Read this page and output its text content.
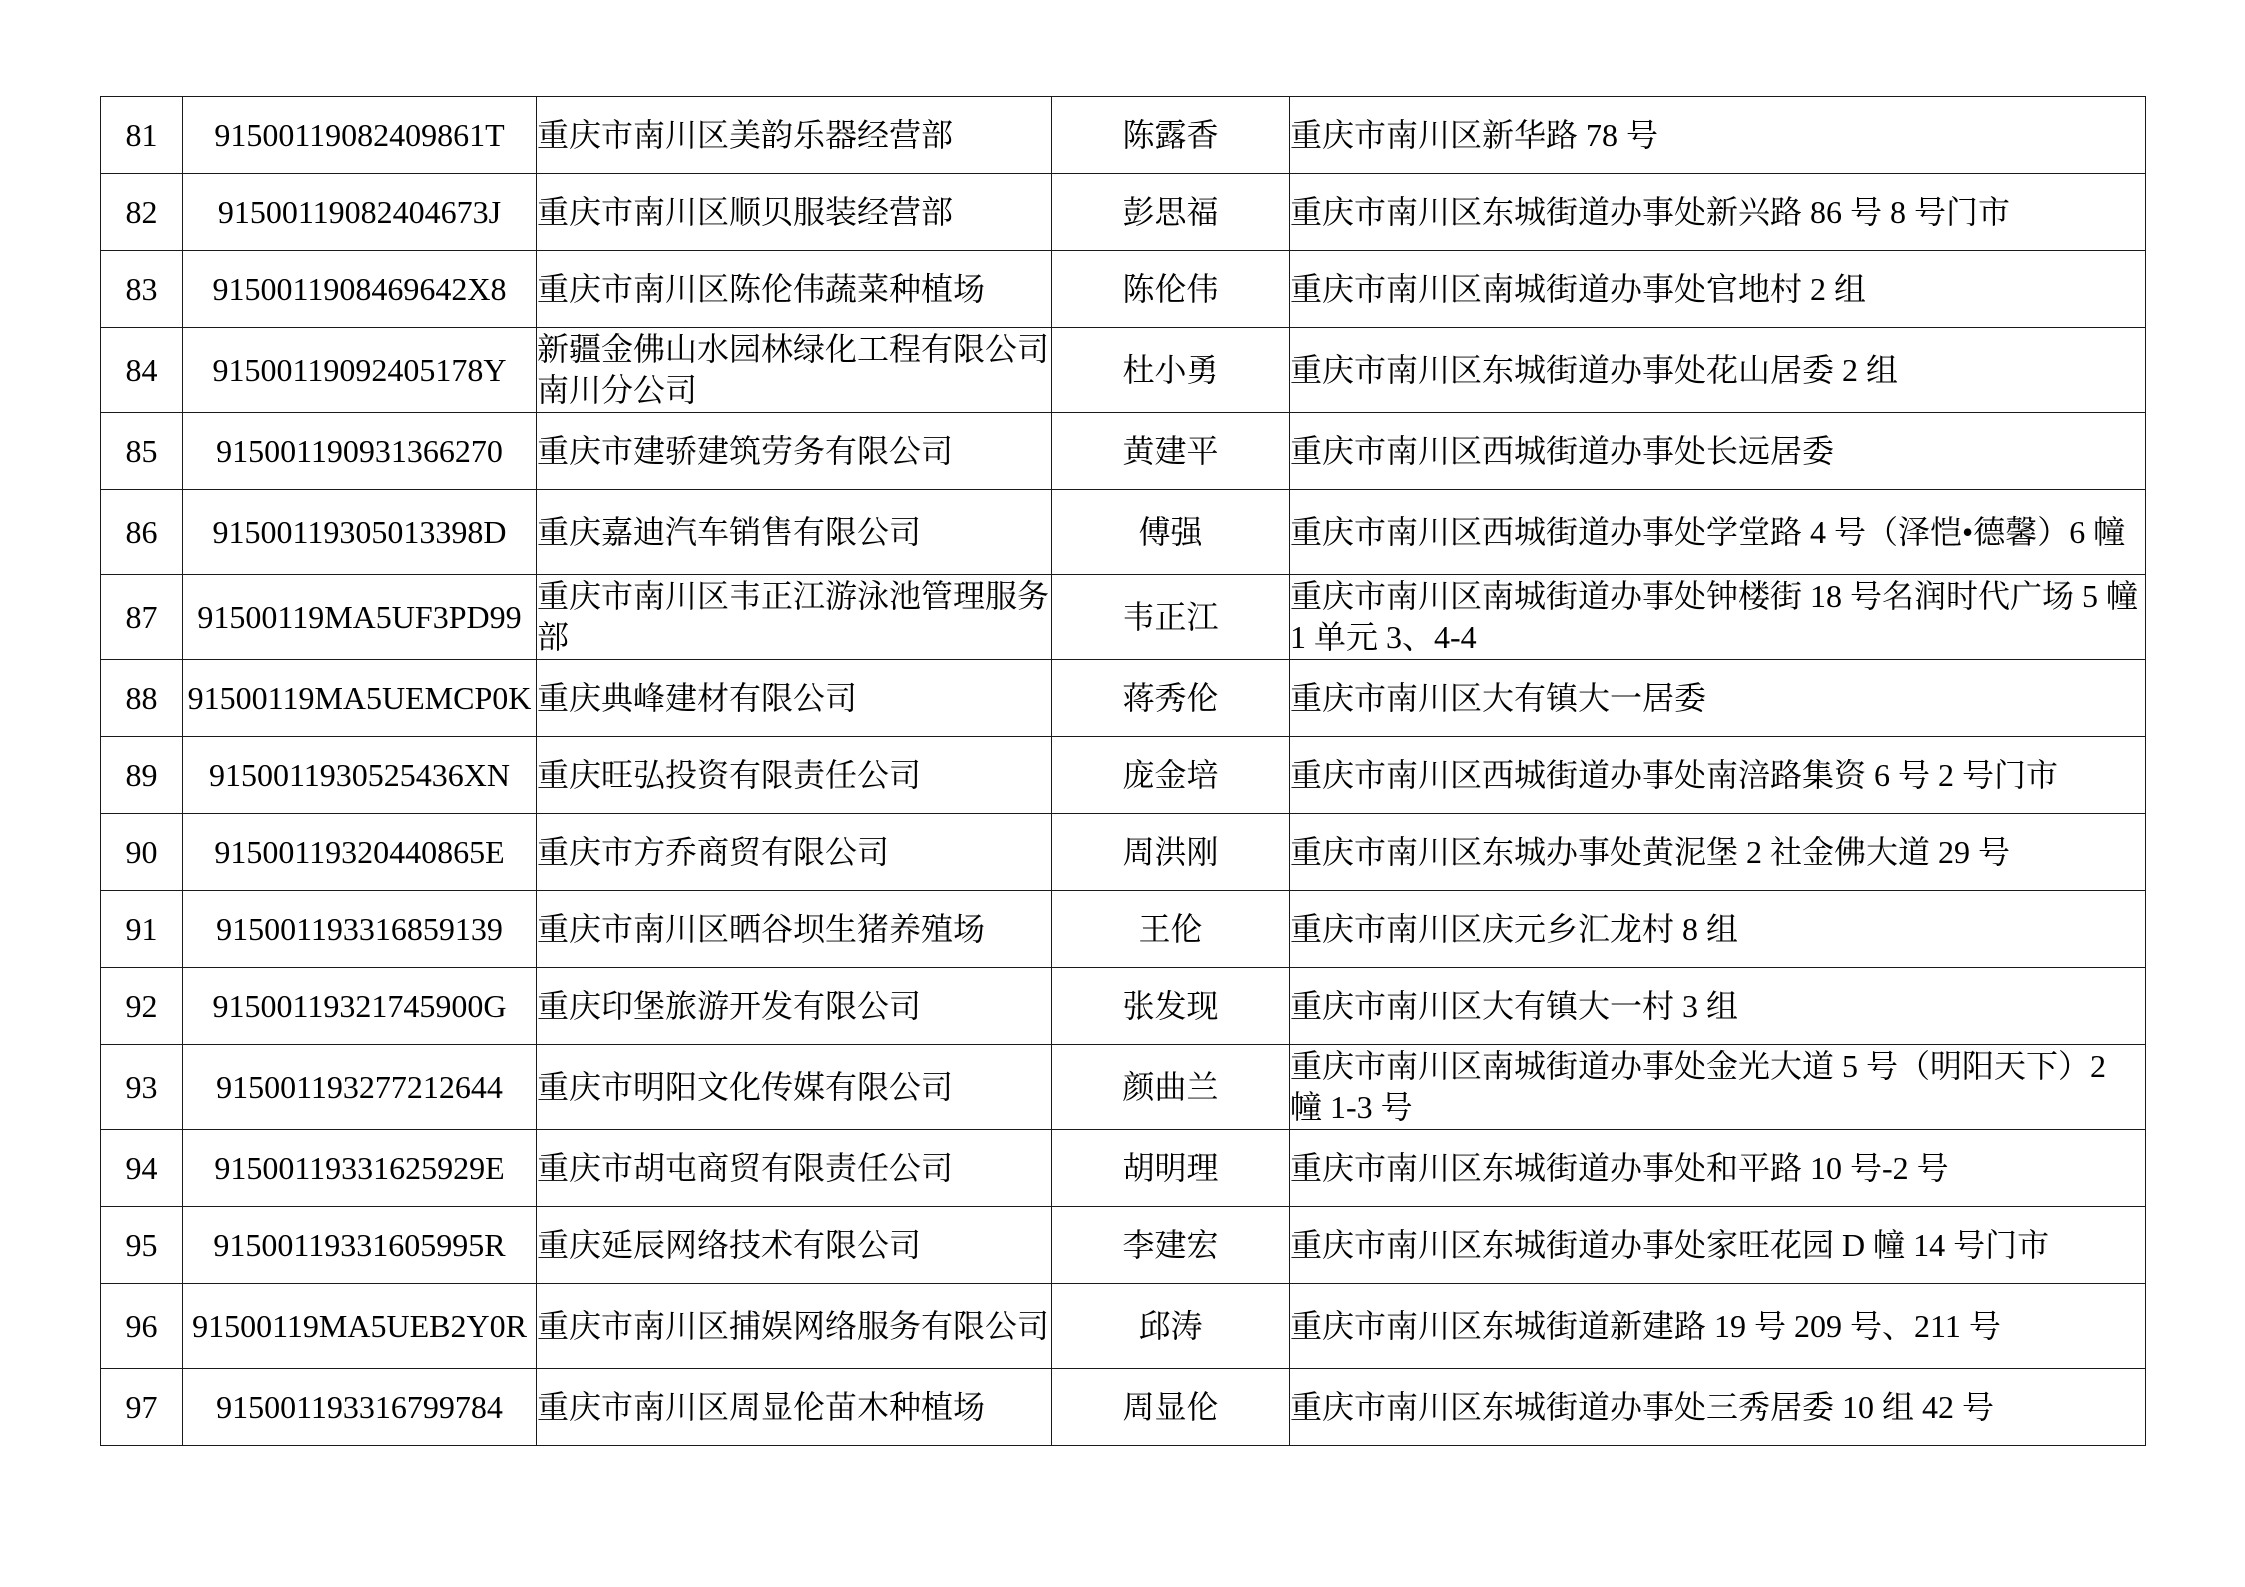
81	91500119082409861T	重庆市南川区美韵乐器经营部	陈露香	重庆市南川区新华路 78 号
82	91500119082404673J	重庆市南川区顺贝服装经营部	彭思福	重庆市南川区东城街道办事处新兴路 86 号 8 号门市
83	9150011908469642X8	重庆市南川区陈伦伟蔬菜种植场	陈伦伟	重庆市南川区南城街道办事处官地村 2 组
84	91500119092405178Y	新疆金佛山水园林绿化工程有限公司南川分公司	杜小勇	重庆市南川区东城街道办事处花山居委 2 组
85	915001190931366270	重庆市建骄建筑劳务有限公司	黄建平	重庆市南川区西城街道办事处长远居委
86	91500119305013398D	重庆嘉迪汽车销售有限公司	傅强	重庆市南川区西城街道办事处学堂路 4 号（泽恺•德馨）6 幢
87	91500119MA5UF3PD99	重庆市南川区韦正江游泳池管理服务部	韦正江	重庆市南川区南城街道办事处钟楼街 18 号名润时代广场 5 幢 1 单元 3、4-4
88	91500119MA5UEMCP0K	重庆典峰建材有限公司	蒋秀伦	重庆市南川区大有镇大一居委
89	9150011930525436XN	重庆旺弘投资有限责任公司	庞金培	重庆市南川区西城街道办事处南涪路集资 6 号 2 号门市
90	91500119320440865E	重庆市方乔商贸有限公司	周洪刚	重庆市南川区东城办事处黄泥堡 2 社金佛大道 29 号
91	915001193316859139	重庆市南川区晒谷坝生猪养殖场	王伦	重庆市南川区庆元乡汇龙村 8 组
92	91500119321745900G	重庆印堡旅游开发有限公司	张发现	重庆市南川区大有镇大一村 3 组
93	915001193277212644	重庆市明阳文化传媒有限公司	颜曲兰	重庆市南川区南城街道办事处金光大道 5 号（明阳天下）2 幢 1-3 号
94	91500119331625929E	重庆市胡屯商贸有限责任公司	胡明理	重庆市南川区东城街道办事处和平路 10 号-2 号
95	91500119331605995R	重庆延辰网络技术有限公司	李建宏	重庆市南川区东城街道办事处家旺花园 D 幢 14 号门市
96	91500119MA5UEB2Y0R	重庆市南川区捕娱网络服务有限公司	邱涛	重庆市南川区东城街道新建路 19 号 209 号、211 号
97	915001193316799784	重庆市南川区周显伦苗木种植场	周显伦	重庆市南川区东城街道办事处三秀居委 10 组 42 号
